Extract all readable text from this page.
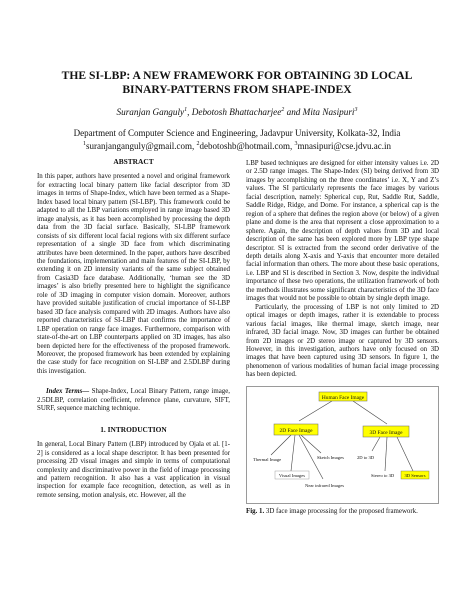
THE SI-LBP: A NEW FRAMEWORK FOR OBTAINING 3D LOCAL BINARY-PATTERNS FROM SHAPE-INDEX
Suranjan Ganguly$^1$, Debotosh Bhattacharjee$^2$ and Mita Nasipuri$^3$
Department of Computer Science and Engineering, Jadavpur University, Kolkata-32, India
$^1$suranjanganguly@gmail.com, $^2$debotoshb@hotmail.com, $^3$mnasipuri@cse.jdvu.ac.in
ABSTRACT

In this paper, authors have presented a novel and original framework for extracting local binary pattern like facial descriptor from 3D images in terms of Shape-Index, which have been termed as a Shape-Index based local binary pattern (SI-LBP). This framework could be adapted to all the LBP variations employed in range image based 3D image analysis, as it has been accomplished by processing the depth data from the 3D facial surface. Basically, SI-LBP framework consists of six different local facial regions with six different surface representation of a single 3D face from which discriminating attributes have been determined. In the paper, authors have described the foundations, implementation and main features of the SI-LBP, by extending it on 2D intensity variants of the same subject obtained from Casia3D face database. Additionally, ‘human see the 3D images’ is also briefly presented here to highlight the significance role of 3D imaging in computer vision domain. Moreover, authors have provided suitable justification of crucial importance of SI-LBP based 3D face analysis compared with 2D images. Authors have also reported characteristics of SI-LBP that confirms the importance of LBP operation on range face images. Furthermore, comparison with state-of-the-art on LBP counterparts applied on 3D images, has also been depicted here for the effectiveness of the proposed framework. Moreover, the proposed framework has been extended by explaining the case study for face recognition on SI-LBP and 2.5DLBP during this investigation.

Index Terms— Shape-Index, Local Binary Pattern, range image, 2.5DLBP, correlation coefficient, reference plane, curvature, SIFT, SURF, sequence matching technique.

1. INTRODUCTION

In general, Local Binary Pattern (LBP) introduced by Ojala et al. [1-2] is considered as a local shape descriptor. It has been presented for processing 2D visual images and simple in terms of computational complexity and discriminative power in the field of image processing and pattern recognition. It also has a vast application in visual inspection for example face recognition, detection, as well as in remote sensing, motion analysis, etc. However, all the

LBP based techniques are designed for either intensity values i.e. 2D or 2.5D range images. The Shape-Index (SI) being derived from 3D images by accomplishing on the three coordinates’ i.e. X, Y and Z’s values. The SI particularly represents the face images by various facial description, namely: Spherical cup, Rut, Saddle Rut, Saddle, Saddle Ridge, Ridge, and Dome. For instance, a spherical cap is the region of a sphere that defines the region above (or below) of a given plane and dome is the area that represent a close approximation to a sphere. Again, the description of depth values from 3D and local description of the same has been explored more by LBP type shape descriptor. SI is extracted from the second order derivative of the depth details along X-axis and Y-axis that encounter more detailed facial information than others. The more about these basic operations, i.e. LBP and SI is described in Section 3. Now, despite the individual importance of these two operations, the utilization framework of both the methods illustrates some significant characteristics of the 3D face images that would not be possible to obtain by single depth image.

Particularly, the processing of LBP is not only limited to 2D optical images or depth images, rather it is extendable to process various facial images, like thermal image, sketch image, near infrared, 3D facial image. Now, 3D images can further be obtained from 2D images or 2D stereo image or captured by 3D sensors. However, in this investigation, authors have only focused on 3D images that have been captured using 3D sensors. In figure 1, the phenomenon of various modalities of human facial image processing has been depicted.

Human Face Image
2D Face Image	3D Face Image
Thermal Image
Visual Images
Sketch Images
Near infrared Images
2D to 3D
Stereo to 3D 3D Sensors
Fig. 1. 3D face image processing for the proposed framework.
